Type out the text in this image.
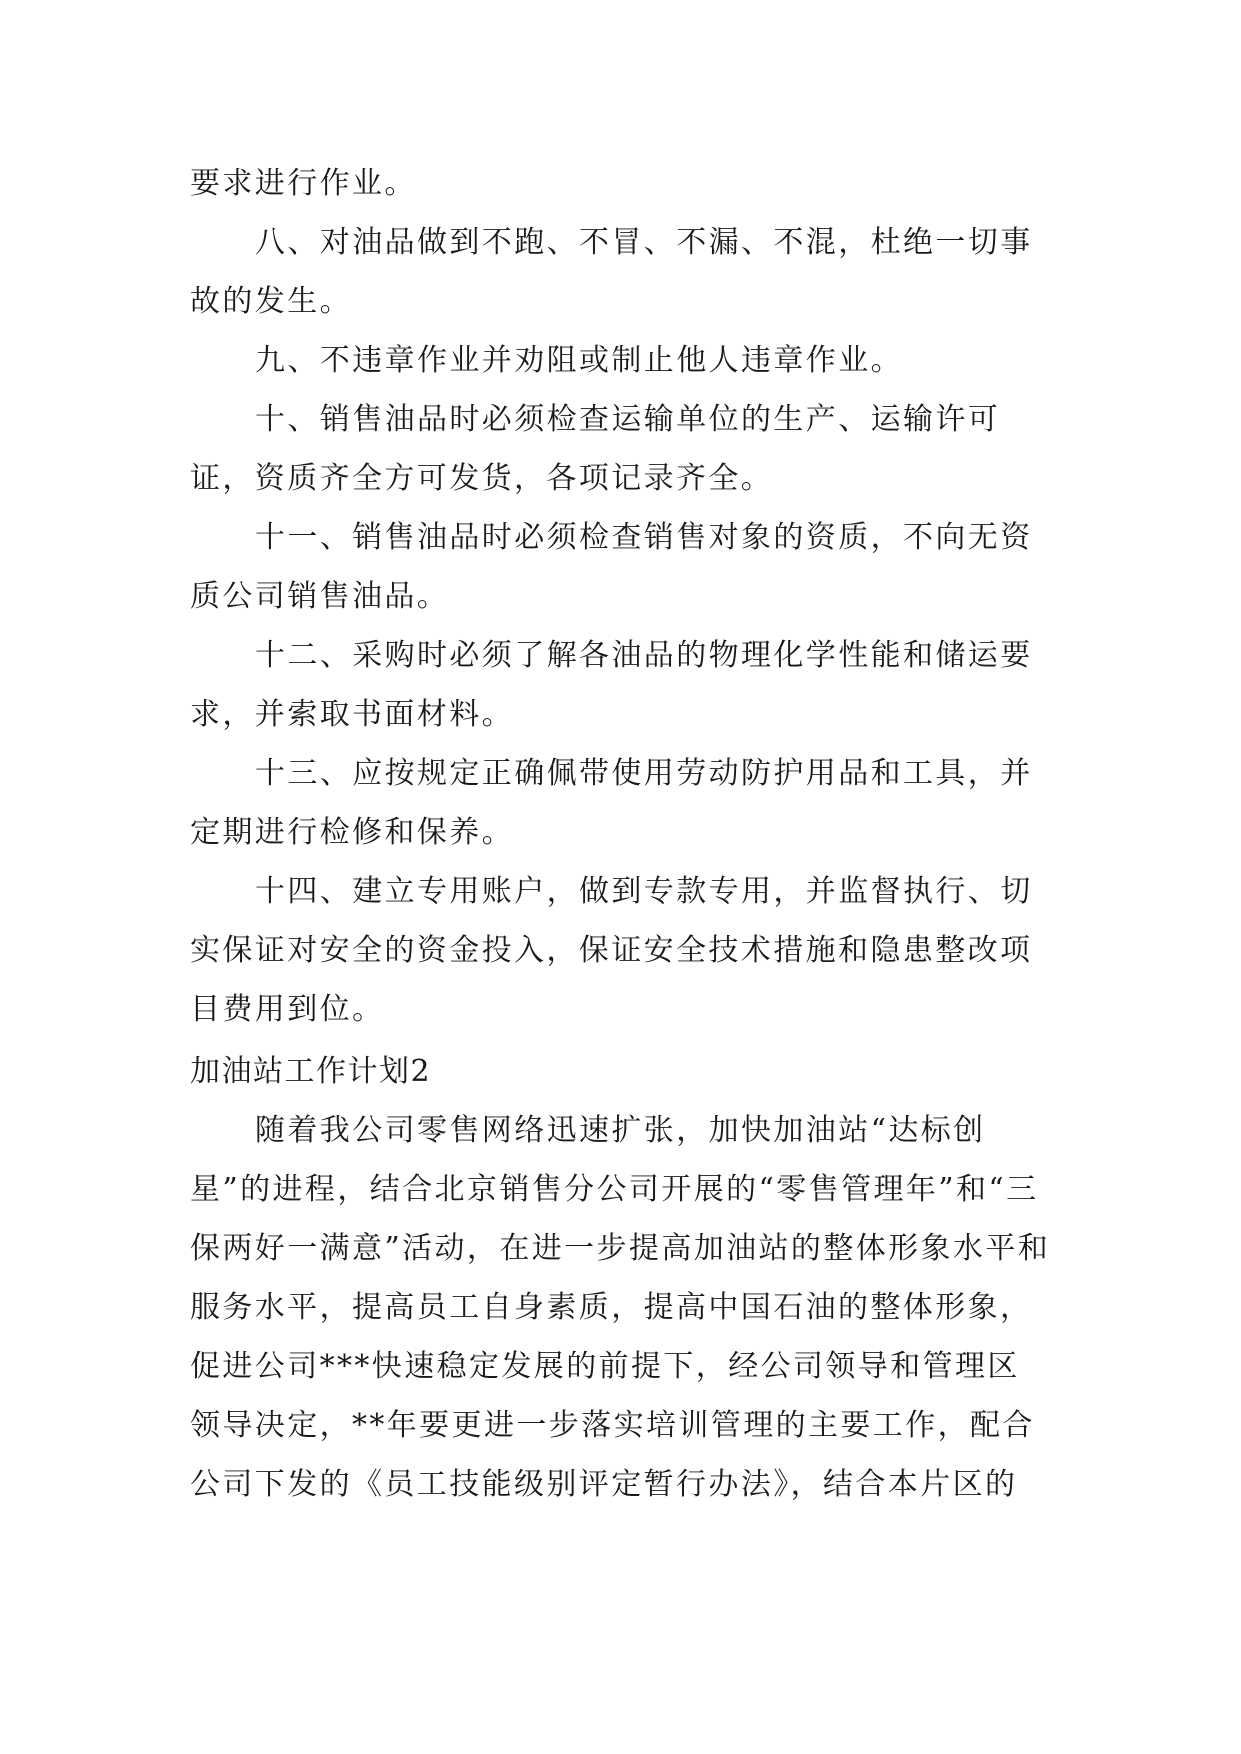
要求进行作业。

八、对油品做到不跑、不冒、不漏、不混，杜绝一切事故的发生。

九、不违章作业并劝阻或制止他人违章作业。

十、销售油品时必须检查运输单位的生产、运输许可证，资质齐全方可发货，各项记录齐全。

十一、销售油品时必须检查销售对象的资质，不向无资质公司销售油品。

十二、采购时必须了解各油品的物理化学性能和储运要求，并索取书面材料。

十三、应按规定正确佩带使用劳动防护用品和工具，并定期进行检修和保养。

十四、建立专用账户，做到专款专用，并监督执行、切实保证对安全的资金投入，保证安全技术措施和隐患整改项目费用到位。

加油站工作计划2

随着我公司零售网络迅速扩张，加快加油站“达标创星”的进程，结合北京销售分公司开展的“零售管理年”和“三保两好一满意”活动，在进一步提高加油站的整体形象水平和服务水平，提高员工自身素质，提高中国石油的整体形象，促进公司***快速稳定发展的前提下，经公司领导和管理区领导决定，**年要更进一步落实培训管理的主要工作，配合公司下发的《员工技能级别评定暂行办法》，结合本片区的
